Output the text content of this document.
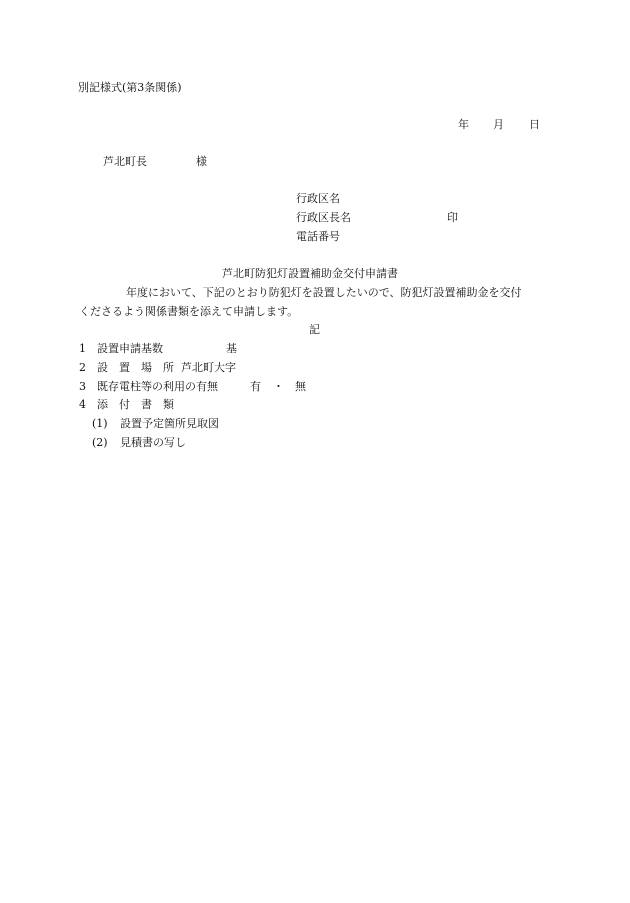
別記様式(第3条関係)
年 月 日
芦北町長	様
行政区名
行政区長名	印
電話番号
芦北町防犯灯設置補助金交付申請書
年度において、下記のとおり防犯灯を設置したいので、防犯灯設置補助金を交付
くださるよう関係書類を添えて申請します。
記
1 設置申請基数	基
2 設　置　場　所 芦北町大字
3 既存電柱等の利用の有無	有 ・ 無
4 添　付　書　類
(1) 設置予定箇所見取図
(2) 見積書の写し
